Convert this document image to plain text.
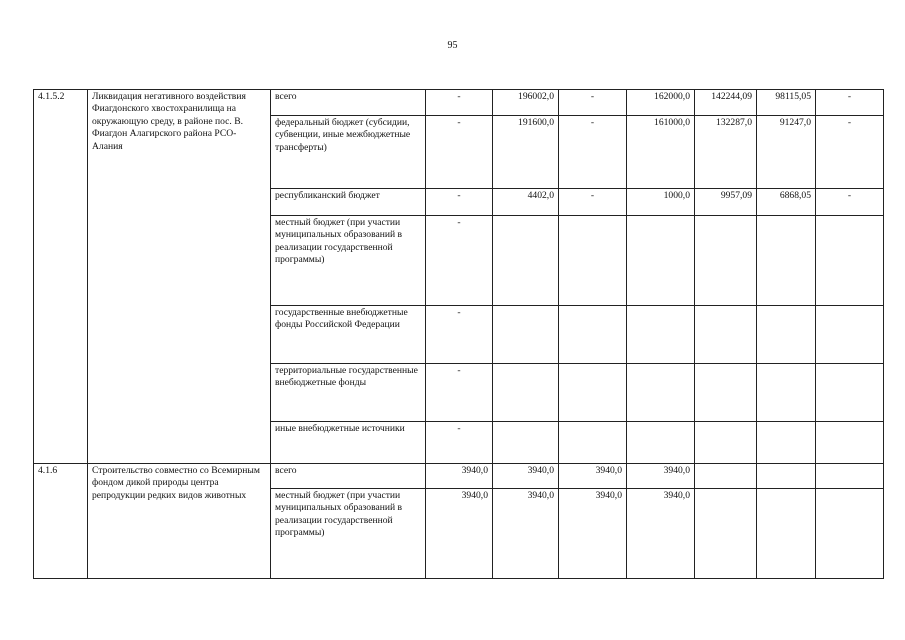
95
4.1.5.2	Ликвидация негативного воздействия Фиагдонского хвостохранилища на окружающую среду, в районе пос. В. Фиагдон Алагирского района РСО-Алания	всего	-	196002,0	-	162000,0	142244,09	98115,05	-
		федеральный бюджет (субсидии, субвенции, иные межбюджетные трансферты)	-	191600,0	-	161000,0	132287,0	91247,0	-
		республиканский бюджет	-	4402,0	-	1000,0	9957,09	6868,05	-
		местный бюджет (при участии муниципальных образований в реализации государственной программы)	-						
		государственные внебюджетные фонды Российской Федерации	-						
		территориальные государственные внебюджетные фонды	-						
		иные внебюджетные источники	-						
4.1.6	Строительство совместно со Всемирным фондом дикой природы центра репродукции редких видов животных	всего	3940,0	3940,0	3940,0	3940,0			
		местный бюджет (при участии муниципальных образований в реализации государственной программы)	3940,0	3940,0	3940,0	3940,0			
